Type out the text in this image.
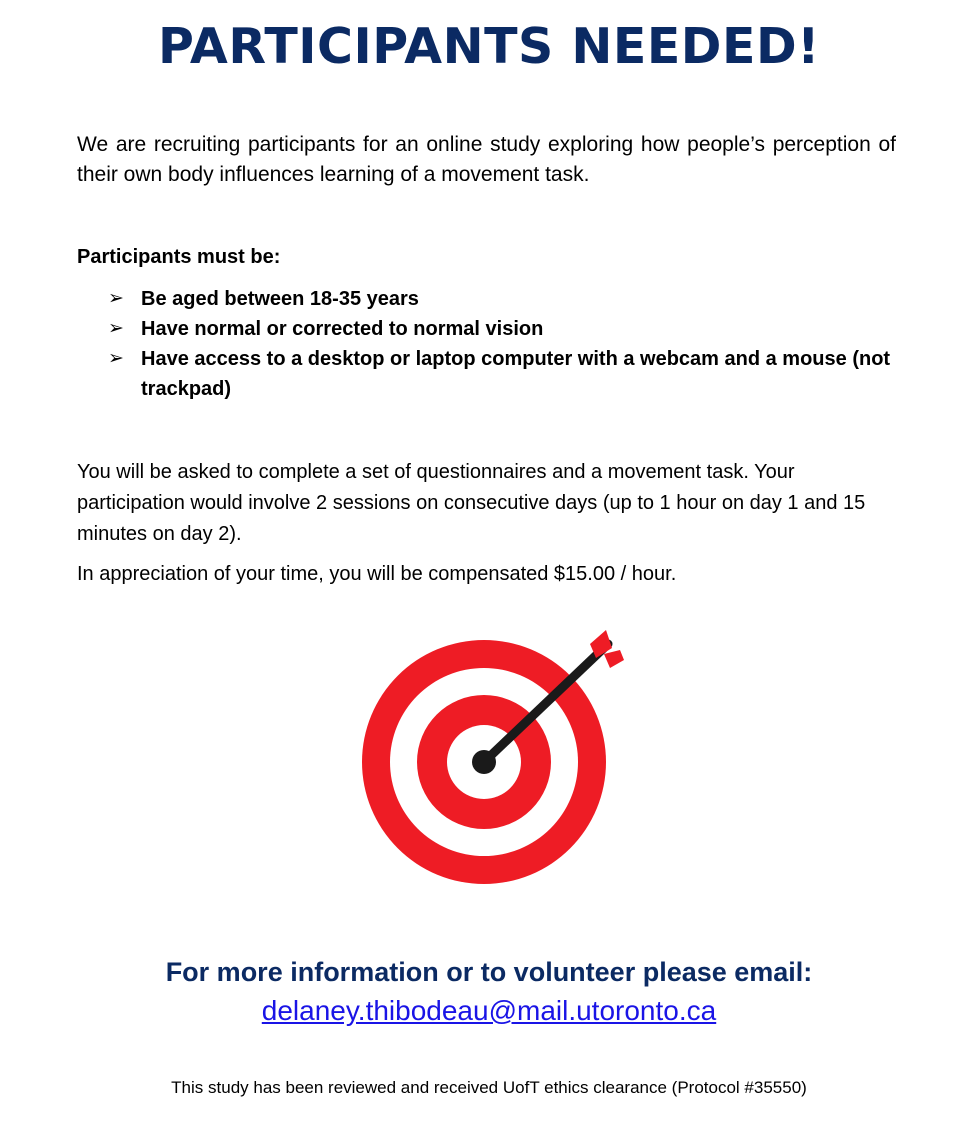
PARTICIPANTS NEEDED!

We are recruiting participants for an online study exploring how people’s perception of their own body influences learning of a movement task.

Participants must be:

➢ Be aged between 18-35 years
➢ Have normal or corrected to normal vision
➢ Have access to a desktop or laptop computer with a webcam and a mouse (not trackpad)

You will be asked to complete a set of questionnaires and a movement task. Your participation would involve 2 sessions on consecutive days (up to 1 hour on day 1 and 15 minutes on day 2).

In appreciation of your time, you will be compensated $15.00 / hour.

For more information or to volunteer please email:
delaney.thibodeau@mail.utoronto.ca
This study has been reviewed and received UofT ethics clearance (Protocol #35550)
